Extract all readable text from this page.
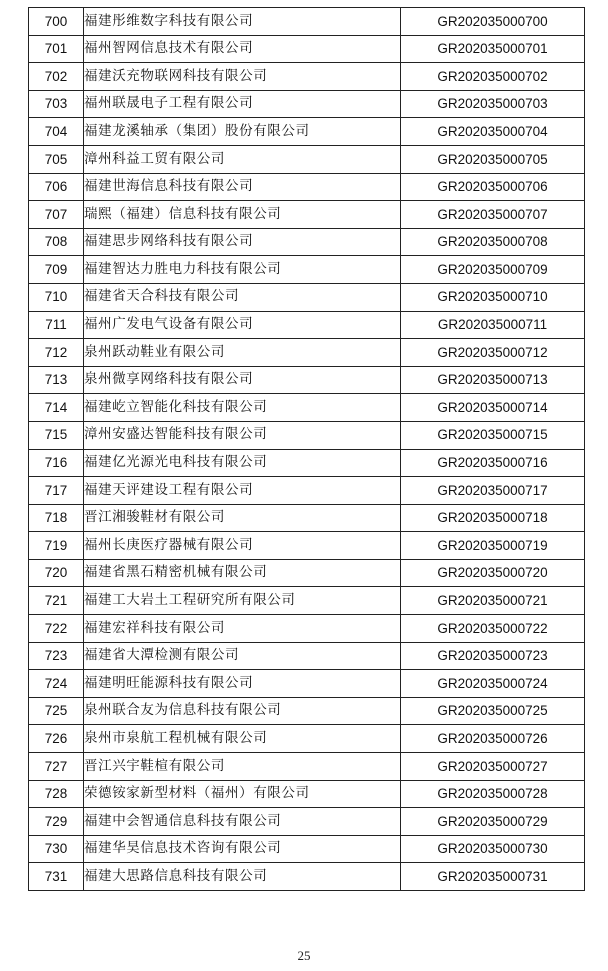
700	福建彤维数字科技有限公司	GR202035000700
701	福州智网信息技术有限公司	GR202035000701
702	福建沃充物联网科技有限公司	GR202035000702
703	福州联晟电子工程有限公司	GR202035000703
704	福建龙溪轴承（集团）股份有限公司	GR202035000704
705	漳州科益工贸有限公司	GR202035000705
706	福建世海信息科技有限公司	GR202035000706
707	瑞熙（福建）信息科技有限公司	GR202035000707
708	福建思步网络科技有限公司	GR202035000708
709	福建智达力胜电力科技有限公司	GR202035000709
710	福建省天合科技有限公司	GR202035000710
711	福州广发电气设备有限公司	GR202035000711
712	泉州跃动鞋业有限公司	GR202035000712
713	泉州微享网络科技有限公司	GR202035000713
714	福建屹立智能化科技有限公司	GR202035000714
715	漳州安盛达智能科技有限公司	GR202035000715
716	福建亿光源光电科技有限公司	GR202035000716
717	福建天评建设工程有限公司	GR202035000717
718	晋江湘骏鞋材有限公司	GR202035000718
719	福州长庚医疗器械有限公司	GR202035000719
720	福建省黑石精密机械有限公司	GR202035000720
721	福建工大岩土工程研究所有限公司	GR202035000721
722	福建宏祥科技有限公司	GR202035000722
723	福建省大潭检测有限公司	GR202035000723
724	福建明旺能源科技有限公司	GR202035000724
725	泉州联合友为信息科技有限公司	GR202035000725
726	泉州市泉航工程机械有限公司	GR202035000726
727	晋江兴宇鞋楦有限公司	GR202035000727
728	荣德铵家新型材料（福州）有限公司	GR202035000728
729	福建中会智通信息科技有限公司	GR202035000729
730	福建华昊信息技术咨询有限公司	GR202035000730
731	福建大思路信息科技有限公司	GR202035000731
25
